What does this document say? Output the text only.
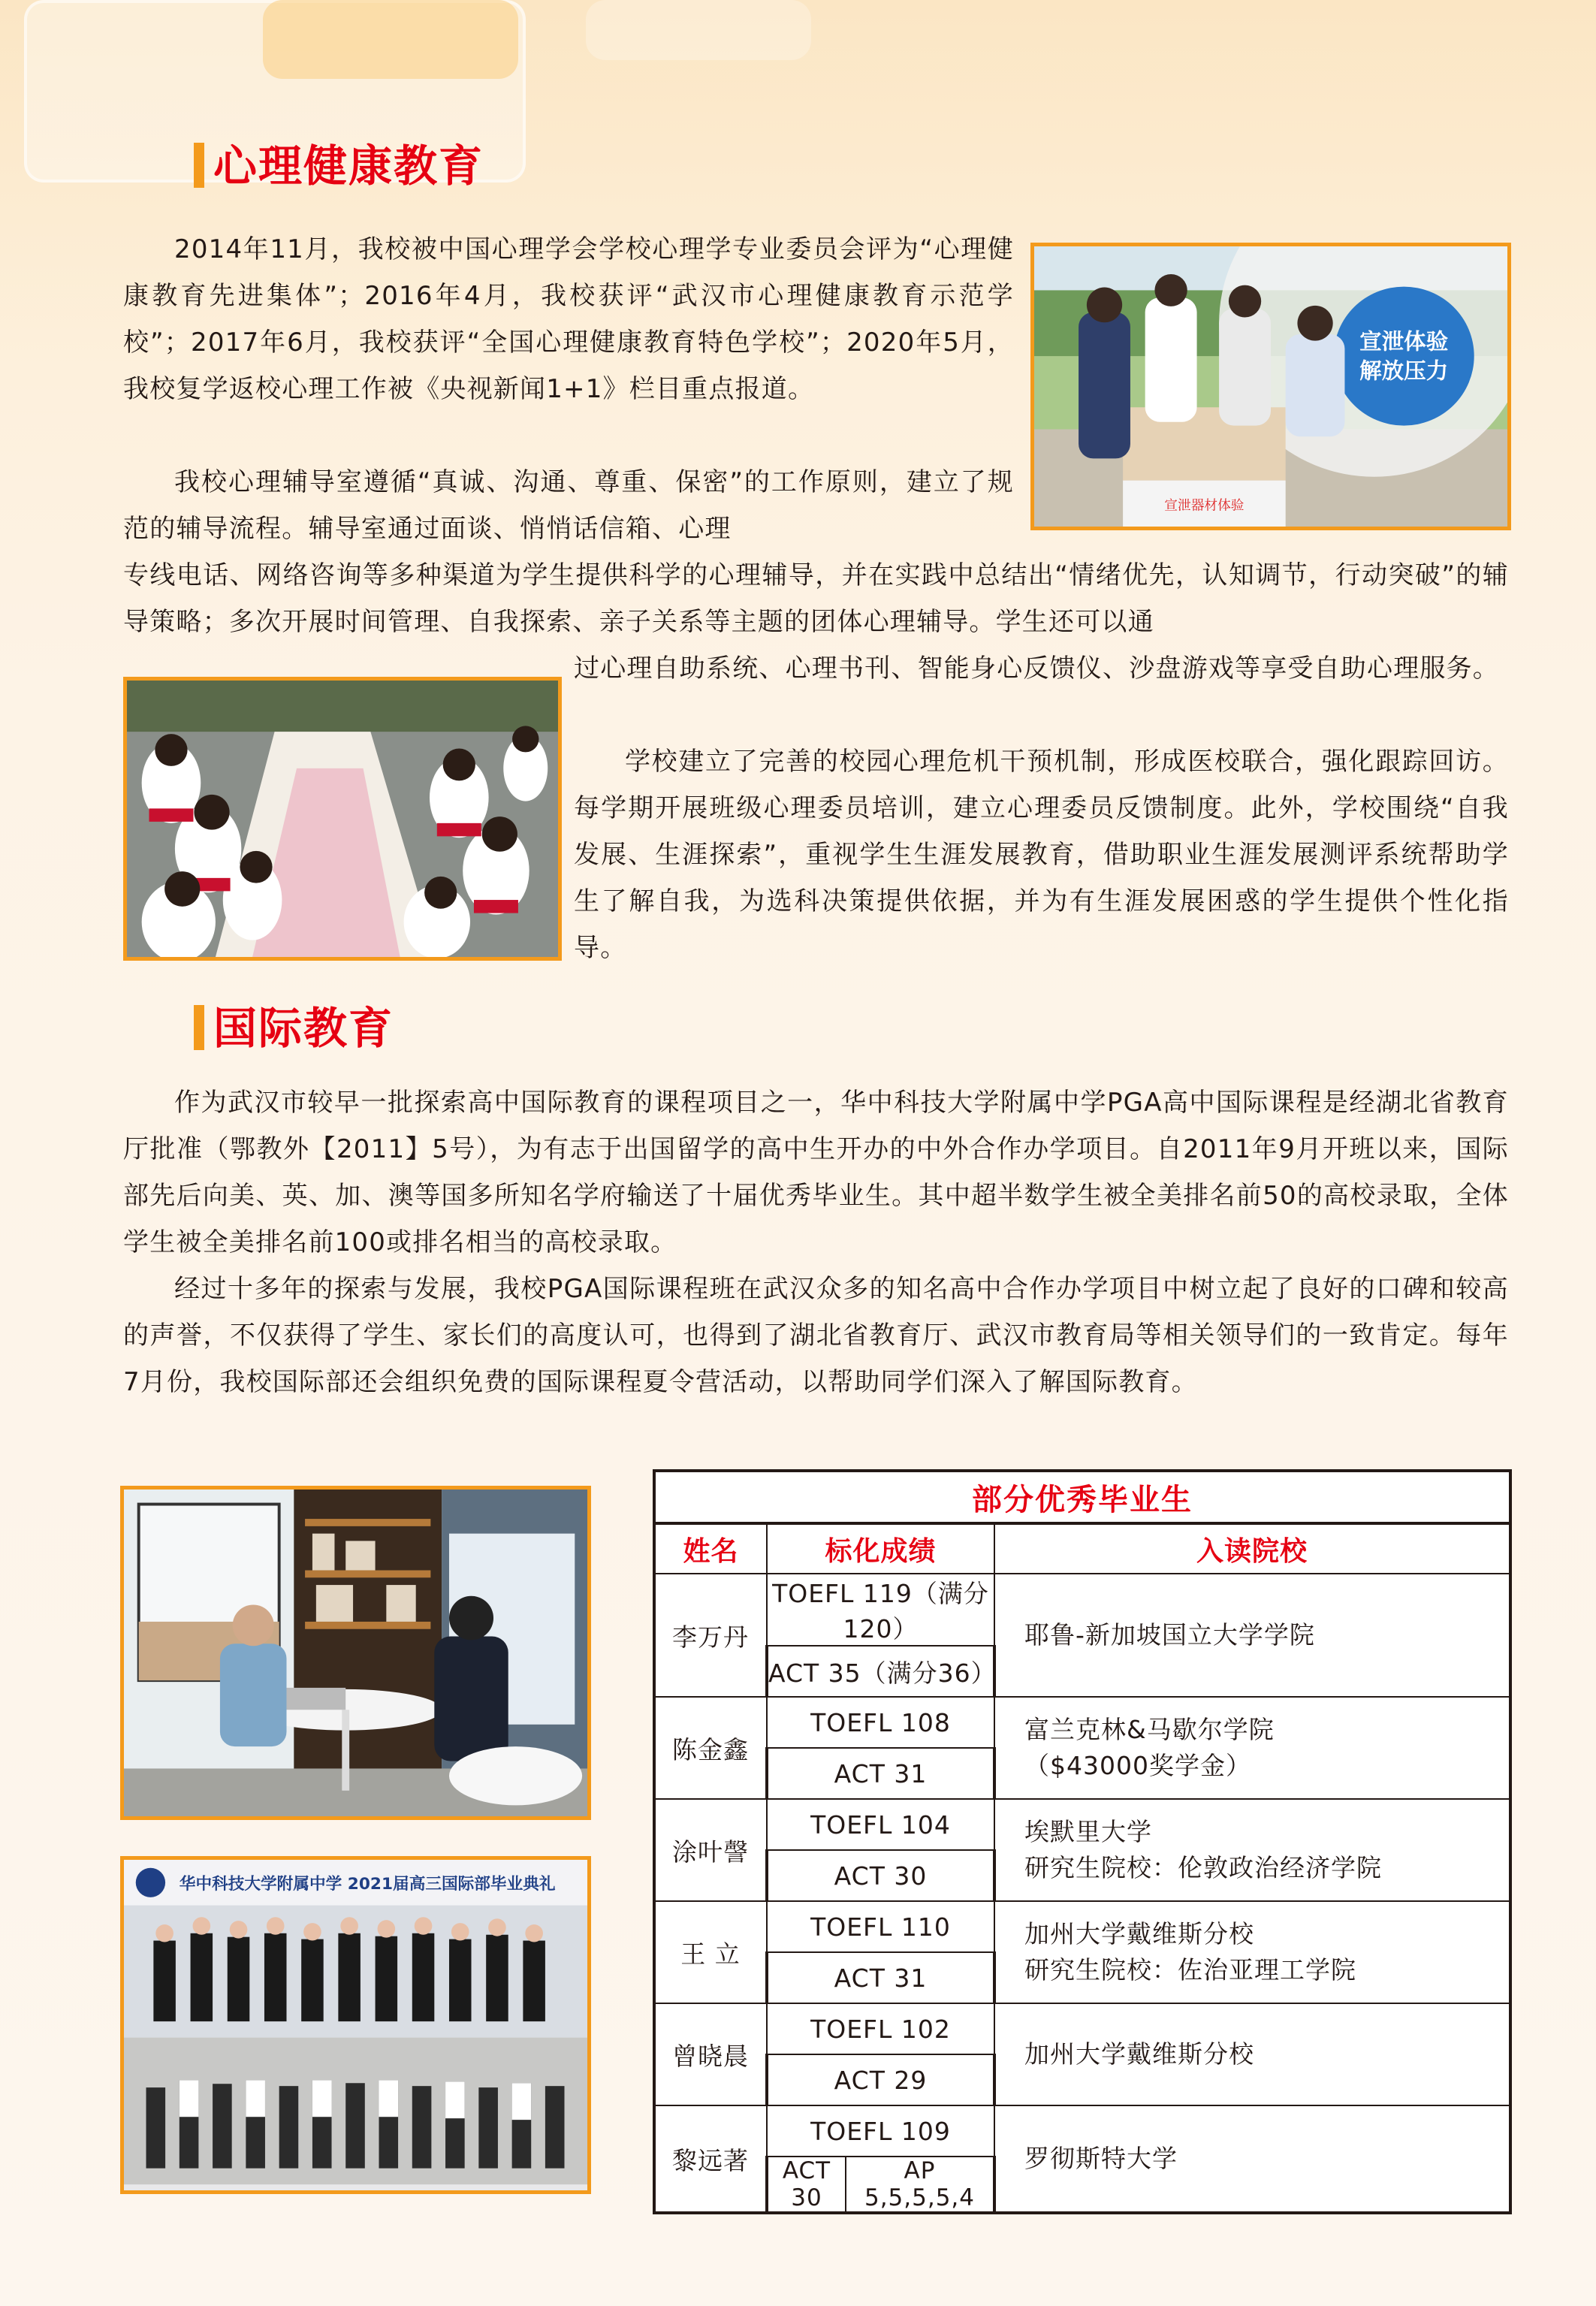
心理健康教育

2014年11月，我校被中国心理学会学校心理学专业委员会评为“心理健康教育先进集体”；2016年4月，我校获评“武汉市心理健康教育示范学校”；2017年6月，我校获评“全国心理健康教育特色学校”；2020年5月，我校复学返校心理工作被《央视新闻1+1》栏目重点报道。

我校心理辅导室遵循“真诚、沟通、尊重、保密”的工作原则，建立了规范的辅导流程。辅导室通过面谈、悄悄话信箱、心理

专线电话、网络咨询等多种渠道为学生提供科学的心理辅导，并在实践中总结出“情绪优先，认知调节，行动突破”的辅导策略；多次开展时间管理、自我探索、亲子关系等主题的团体心理辅导。学生还可以通

过心理自助系统、心理书刊、智能身心反馈仪、沙盘游戏等享受自助心理服务。

学校建立了完善的校园心理危机干预机制，形成医校联合，强化跟踪回访。每学期开展班级心理委员培训，建立心理委员反馈制度。此外，学校围绕“自我发展、生涯探索”，重视学生生涯发展教育，借助职业生涯发展测评系统帮助学生了解自我，为选科决策提供依据，并为有生涯发展困惑的学生提供个性化指导。

宣泄体验
解放压力
宣泄器材体验
国际教育

作为武汉市较早一批探索高中国际教育的课程项目之一，华中科技大学附属中学PGA高中国际课程是经湖北省教育厅批准（鄂教外【2011】5号），为有志于出国留学的高中生开办的中外合作办学项目。自2011年9月开班以来，国际部先后向美、英、加、澳等国多所知名学府输送了十届优秀毕业生。其中超半数学生被全美排名前50的高校录取，全体学生被全美排名前100或排名相当的高校录取。

经过十多年的探索与发展，我校PGA国际课程班在武汉众多的知名高中合作办学项目中树立起了良好的口碑和较高的声誉，不仅获得了学生、家长们的高度认可，也得到了湖北省教育厅、武汉市教育局等相关领导们的一致肯定。每年7月份，我校国际部还会组织免费的国际课程夏令营活动，以帮助同学们深入了解国际教育。

华中科技大学附属中学 2021届高三国际部毕业典礼
部分优秀毕业生			
姓名	标化成绩		入读院校
李万丹	TOEFL 119（满分120）		耶鲁-新加坡国立大学学院

	ACT 35（满分36）		
陈金鑫	TOEFL 108		富兰克林&马歇尔学院
（$43000奖学金）

	ACT 31		
涂叶謦	TOEFL 104		埃默里大学
研究生院校：伦敦政治经济学院

	ACT 30		
王 立	TOEFL 110		加州大学戴维斯分校
研究生院校：佐治亚理工学院

	ACT 31		
曾晓晨	TOEFL 102		加州大学戴维斯分校

	ACT 29		
黎远著	TOEFL 109		罗彻斯特大学

	ACT 30	AP 5,5,5,5,4	
